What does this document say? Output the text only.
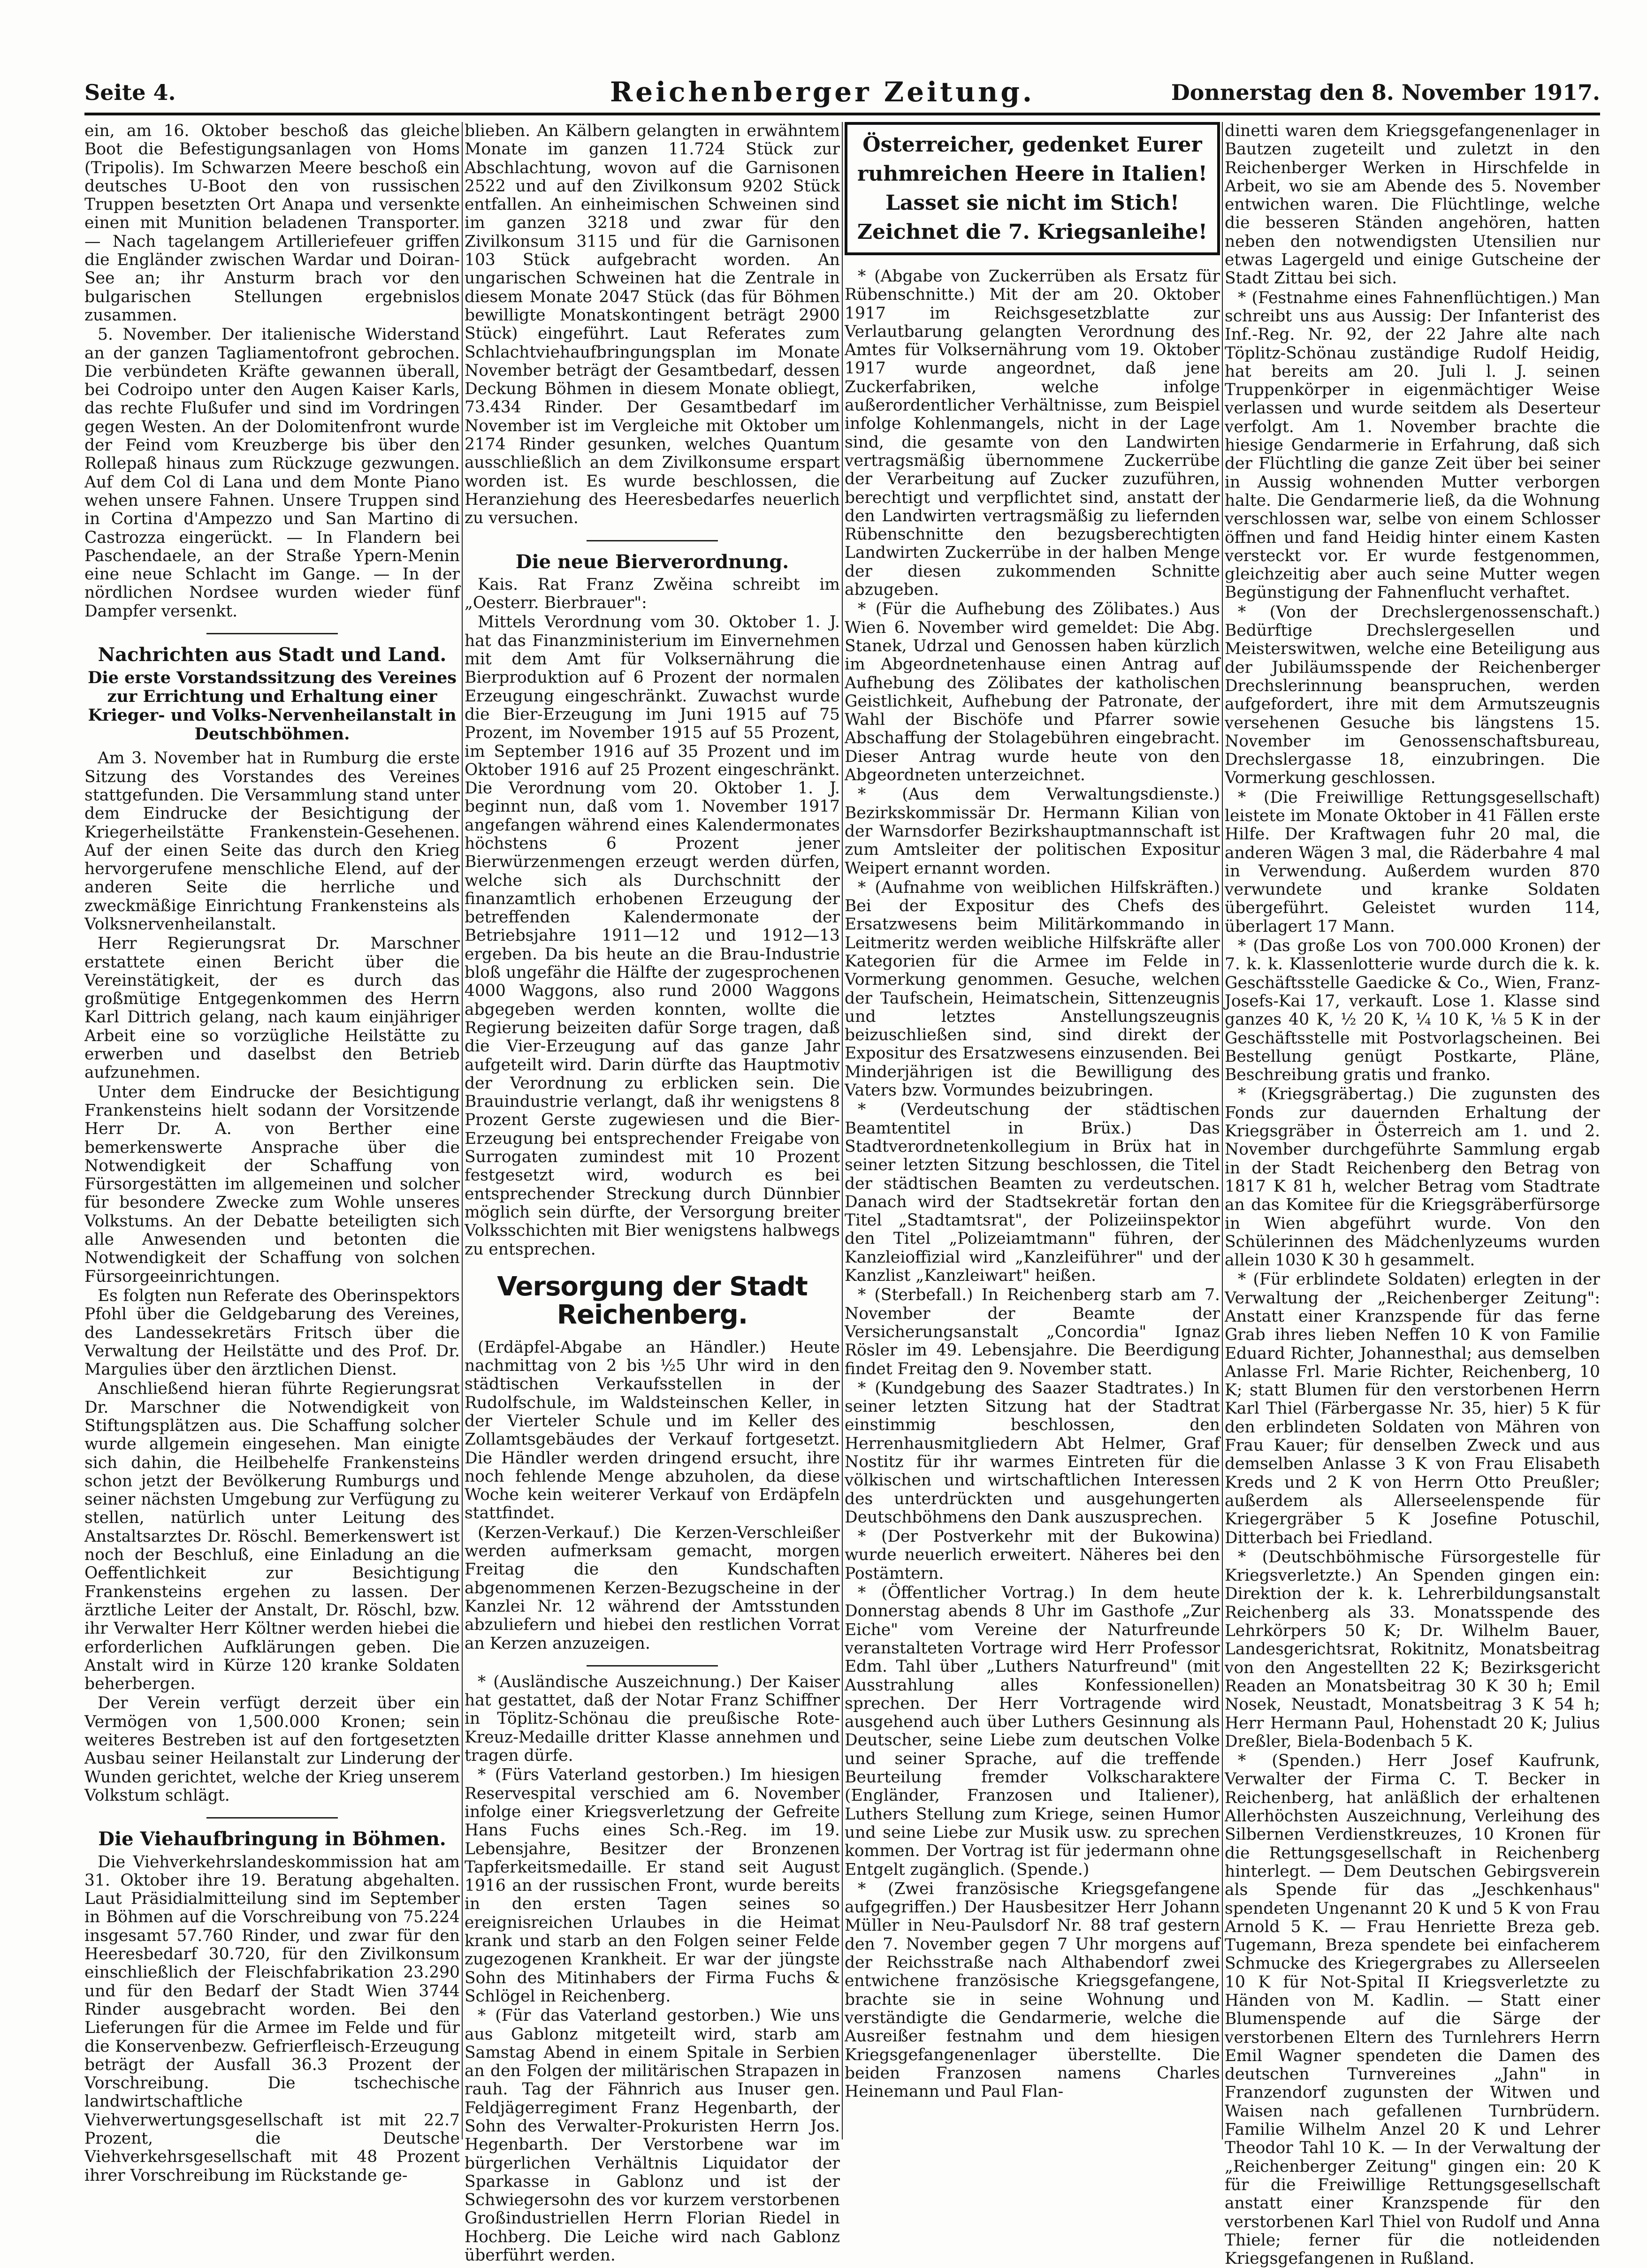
Seite 4.	Reichenberger Zeitung.	Donnerstag den 8. November 1917.

ein, am 16. Oktober beschoß das gleiche Boot die Befestigungsanlagen von Homs (Tripolis). Im Schwarzen Meere beschoß ein deutsches U-Boot den von russischen Truppen besetzten Ort Anapa und versenkte einen mit Munition beladenen Transporter. — Nach tagelangem Artilleriefeuer griffen die Engländer zwischen Wardar und Doiran-See an; ihr Ansturm brach vor den bulgarischen Stellungen ergebnislos zusammen.

5. November. Der italienische Widerstand an der ganzen Tagliamentofront gebrochen. Die verbündeten Kräfte gewannen überall, bei Codroipo unter den Augen Kaiser Karls, das rechte Flußufer und sind im Vordringen gegen Westen. An der Dolomitenfront wurde der Feind vom Kreuzberge bis über den Rollepaß hinaus zum Rückzuge gezwungen. Auf dem Col di Lana und dem Monte Piano wehen unsere Fahnen. Unsere Truppen sind in Cortina d'Ampezzo und San Martino di Castrozza eingerückt. — In Flandern bei Paschendaele, an der Straße Ypern-Menin eine neue Schlacht im Gange. — In der nördlichen Nordsee wurden wieder fünf Dampfer versenkt.

Nachrichten aus Stadt und Land.
Die erste Vorstandssitzung des Vereines zur Errichtung und Erhaltung einer Krieger- und Volks-Nervenheilanstalt in Deutschböhmen.

Am 3. November hat in Rumburg die erste Sitzung des Vorstandes des Vereines stattgefunden. Die Versammlung stand unter dem Eindrucke der Besichtigung der Kriegerheilstätte Frankenstein-Gesehenen. Auf der einen Seite das durch den Krieg hervorgerufene menschliche Elend, auf der anderen Seite die herrliche und zweckmäßige Einrichtung Frankensteins als Volksnervenheilanstalt.

Herr Regierungsrat Dr. Marschner erstattete einen Bericht über die Vereinstätigkeit, der es durch das großmütige Entgegenkommen des Herrn Karl Dittrich gelang, nach kaum einjähriger Arbeit eine so vorzügliche Heilstätte zu erwerben und daselbst den Betrieb aufzunehmen.

Unter dem Eindrucke der Besichtigung Frankensteins hielt sodann der Vorsitzende Herr Dr. A. von Berther eine bemerkenswerte Ansprache über die Notwendigkeit der Schaffung von Fürsorgestätten im allgemeinen und solcher für besondere Zwecke zum Wohle unseres Volkstums. An der Debatte beteiligten sich alle Anwesenden und betonten die Notwendigkeit der Schaffung von solchen Fürsorgeeinrichtungen.

Es folgten nun Referate des Oberinspektors Pfohl über die Geldgebarung des Vereines, des Landessekretärs Fritsch über die Verwaltung der Heilstätte und des Prof. Dr. Margulies über den ärztlichen Dienst.

Anschließend hieran führte Regierungsrat Dr. Marschner die Notwendigkeit von Stiftungsplätzen aus. Die Schaffung solcher wurde allgemein eingesehen. Man einigte sich dahin, die Heilbehelfe Frankensteins schon jetzt der Bevölkerung Rumburgs und seiner nächsten Umgebung zur Verfügung zu stellen, natürlich unter Leitung des Anstaltsarztes Dr. Röschl. Bemerkenswert ist noch der Beschluß, eine Einladung an die Oeffentlichkeit zur Besichtigung Frankensteins ergehen zu lassen. Der ärztliche Leiter der Anstalt, Dr. Röschl, bzw. ihr Verwalter Herr Költner werden hiebei die erforderlichen Aufklärungen geben. Die Anstalt wird in Kürze 120 kranke Soldaten beherbergen.

Der Verein verfügt derzeit über ein Vermögen von 1,500.000 Kronen; sein weiteres Bestreben ist auf den fortgesetzten Ausbau seiner Heilanstalt zur Linderung der Wunden gerichtet, welche der Krieg unserem Volkstum schlägt.

Die Viehaufbringung in Böhmen.

Die Viehverkehrslandeskommission hat am 31. Oktober ihre 19. Beratung abgehalten. Laut Präsidialmitteilung sind im September in Böhmen auf die Vorschreibung von 75.224 insgesamt 57.760 Rinder, und zwar für den Heeresbedarf 30.720, für den Zivilkonsum einschließlich der Fleischfabrikation 23.290 und für den Bedarf der Stadt Wien 3744 Rinder ausgebracht worden. Bei den Lieferungen für die Armee im Felde und für die Konservenbezw. Gefrierfleisch-Erzeugung beträgt der Ausfall 36.3 Prozent der Vorschreibung. Die tschechische landwirtschaftliche Viehverwertungsgesellschaft ist mit 22.7 Prozent, die Deutsche Viehverkehrsgesellschaft mit 48 Prozent ihrer Vorschreibung im Rückstande ge-

blieben. An Kälbern gelangten in erwähntem Monate im ganzen 11.724 Stück zur Abschlachtung, wovon auf die Garnisonen 2522 und auf den Zivilkonsum 9202 Stück entfallen. An einheimischen Schweinen sind im ganzen 3218 und zwar für den Zivilkonsum 3115 und für die Garnisonen 103 Stück aufgebracht worden. An ungarischen Schweinen hat die Zentrale in diesem Monate 2047 Stück (das für Böhmen bewilligte Monatskontingent beträgt 2900 Stück) eingeführt. Laut Referates zum Schlachtviehaufbringungsplan im Monate November beträgt der Gesamtbedarf, dessen Deckung Böhmen in diesem Monate obliegt, 73.434 Rinder. Der Gesamtbedarf im November ist im Vergleiche mit Oktober um 2174 Rinder gesunken, welches Quantum ausschließlich an dem Zivilkonsume erspart worden ist. Es wurde beschlossen, die Heranziehung des Heeresbedarfes neuerlich zu versuchen.

Die neue Bierverordnung.

Kais. Rat Franz Zwěina schreibt im „Oesterr. Bierbrauer":

Mittels Verordnung vom 30. Oktober 1. J. hat das Finanzministerium im Einvernehmen mit dem Amt für Volksernährung die Bierproduktion auf 6 Prozent der normalen Erzeugung eingeschränkt. Zuwachst wurde die Bier-Erzeugung im Juni 1915 auf 75 Prozent, im November 1915 auf 55 Prozent, im September 1916 auf 35 Prozent und im Oktober 1916 auf 25 Prozent eingeschränkt. Die Verordnung vom 20. Oktober 1. J. beginnt nun, daß vom 1. November 1917 angefangen während eines Kalendermonates höchstens 6 Prozent jener Bierwürzenmengen erzeugt werden dürfen, welche sich als Durchschnitt der finanzamtlich erhobenen Erzeugung der betreffenden Kalendermonate der Betriebsjahre 1911—12 und 1912—13 ergeben. Da bis heute an die Brau-Industrie bloß ungefähr die Hälfte der zugesprochenen 4000 Waggons, also rund 2000 Waggons abgegeben werden konnten, wollte die Regierung beizeiten dafür Sorge tragen, daß die Vier-Erzeugung auf das ganze Jahr aufgeteilt wird. Darin dürfte das Hauptmotiv der Verordnung zu erblicken sein. Die Brauindustrie verlangt, daß ihr wenigstens 8 Prozent Gerste zugewiesen und die Bier-Erzeugung bei entsprechender Freigabe von Surrogaten zumindest mit 10 Prozent festgesetzt wird, wodurch es bei entsprechender Streckung durch Dünnbier möglich sein dürfte, der Versorgung breiter Volksschichten mit Bier wenigstens halbwegs zu entsprechen.

Versorgung der Stadt Reichenberg.

(Erdäpfel-Abgabe an Händler.) Heute nachmittag von 2 bis ½5 Uhr wird in den städtischen Verkaufsstellen in der Rudolfschule, im Waldsteinschen Keller, in der Vierteler Schule und im Keller des Zollamtsgebäudes der Verkauf fortgesetzt. Die Händler werden dringend ersucht, ihre noch fehlende Menge abzuholen, da diese Woche kein weiterer Verkauf von Erdäpfeln stattfindet.

(Kerzen-Verkauf.) Die Kerzen-Verschleißer werden aufmerksam gemacht, morgen Freitag die den Kundschaften abgenommenen Kerzen-Bezugscheine in der Kanzlei Nr. 12 während der Amtsstunden abzuliefern und hiebei den restlichen Vorrat an Kerzen anzuzeigen.

* (Ausländische Auszeichnung.) Der Kaiser hat gestattet, daß der Notar Franz Schiffner in Töplitz-Schönau die preußische Rote-Kreuz-Medaille dritter Klasse annehmen und tragen dürfe.

* (Fürs Vaterland gestorben.) Im hiesigen Reservespital verschied am 6. November infolge einer Kriegsverletzung der Gefreite Hans Fuchs eines Sch.-Reg. im 19. Lebensjahre, Besitzer der Bronzenen Tapferkeitsmedaille. Er stand seit August 1916 an der russischen Front, wurde bereits in den ersten Tagen seines so ereignisreichen Urlaubes in die Heimat krank und starb an den Folgen seiner Felde zugezogenen Krankheit. Er war der jüngste Sohn des Mitinhabers der Firma Fuchs & Schlögel in Reichenberg.

* (Für das Vaterland gestorben.) Wie uns aus Gablonz mitgeteilt wird, starb am Samstag Abend in einem Spitale in Serbien an den Folgen der militärischen Strapazen in rauh. Tag der Fähnrich aus Inuser gen. Feldjägerregiment Franz Hegenbarth, der Sohn des Verwalter-Prokuristen Herrn Jos. Hegenbarth. Der Verstorbene war im bürgerlichen Verhältnis Liquidator der Sparkasse in Gablonz und ist der Schwiegersohn des vor kurzem verstorbenen Großindustriellen Herrn Florian Riedel in Hochberg. Die Leiche wird nach Gablonz überführt werden.

Österreicher, gedenket Eurer ruhmreichen Heere in Italien!
Lasset sie nicht im Stich!
Zeichnet die 7. Kriegsanleihe!

* (Abgabe von Zuckerrüben als Ersatz für Rübenschnitte.) Mit der am 20. Oktober 1917 im Reichsgesetzblatte zur Verlautbarung gelangten Verordnung des Amtes für Volksernährung vom 19. Oktober 1917 wurde angeordnet, daß jene Zuckerfabriken, welche infolge außerordentlicher Verhältnisse, zum Beispiel infolge Kohlenmangels, nicht in der Lage sind, die gesamte von den Landwirten vertragsmäßig übernommene Zuckerrübe der Verarbeitung auf Zucker zuzuführen, berechtigt und verpflichtet sind, anstatt der den Landwirten vertragsmäßig zu liefernden Rübenschnitte den bezugsberechtigten Landwirten Zuckerrübe in der halben Menge der diesen zukommenden Schnitte abzugeben.

* (Für die Aufhebung des Zölibates.) Aus Wien 6. November wird gemeldet: Die Abg. Stanek, Udrzal und Genossen haben kürzlich im Abgeordnetenhause einen Antrag auf Aufhebung des Zölibates der katholischen Geistlichkeit, Aufhebung der Patronate, der Wahl der Bischöfe und Pfarrer sowie Abschaffung der Stolagebühren eingebracht. Dieser Antrag wurde heute von den Abgeordneten unterzeichnet.

* (Aus dem Verwaltungsdienste.) Bezirkskommissär Dr. Hermann Kilian von der Warnsdorfer Bezirkshauptmannschaft ist zum Amtsleiter der politischen Expositur Weipert ernannt worden.

* (Aufnahme von weiblichen Hilfskräften.) Bei der Expositur des Chefs des Ersatzwesens beim Militärkommando in Leitmeritz werden weibliche Hilfskräfte aller Kategorien für die Armee im Felde in Vormerkung genommen. Gesuche, welchen der Taufschein, Heimatschein, Sittenzeugnis und letztes Anstellungszeugnis beizuschließen sind, sind direkt der Expositur des Ersatzwesens einzusenden. Bei Minderjährigen ist die Bewilligung des Vaters bzw. Vormundes beizubringen.

* (Verdeutschung der städtischen Beamtentitel in Brüx.) Das Stadtverordnetenkollegium in Brüx hat in seiner letzten Sitzung beschlossen, die Titel der städtischen Beamten zu verdeutschen. Danach wird der Stadtsekretär fortan den Titel „Stadtamtsrat", der Polizeiinspektor den Titel „Polizeiamtmann" führen, der Kanzleioffizial wird „Kanzleiführer" und der Kanzlist „Kanzleiwart" heißen.

* (Sterbefall.) In Reichenberg starb am 7. November der Beamte der Versicherungsanstalt „Concordia" Ignaz Rösler im 49. Lebensjahre. Die Beerdigung findet Freitag den 9. November statt.

* (Kundgebung des Saazer Stadtrates.) In seiner letzten Sitzung hat der Stadtrat einstimmig beschlossen, den Herrenhausmitgliedern Abt Helmer, Graf Nostitz für ihr warmes Eintreten für die völkischen und wirtschaftlichen Interessen des unterdrückten und ausgehungerten Deutschböhmens den Dank auszusprechen.

* (Der Postverkehr mit der Bukowina) wurde neuerlich erweitert. Näheres bei den Postämtern.

* (Öffentlicher Vortrag.) In dem heute Donnerstag abends 8 Uhr im Gasthofe „Zur Eiche" vom Vereine der Naturfreunde veranstalteten Vortrage wird Herr Professor Edm. Tahl über „Luthers Naturfreund" (mit Ausstrahlung alles Konfessionellen) sprechen. Der Herr Vortragende wird ausgehend auch über Luthers Gesinnung als Deutscher, seine Liebe zum deutschen Volke und seiner Sprache, auf die treffende Beurteilung fremder Volkscharaktere (Engländer, Franzosen und Italiener), Luthers Stellung zum Kriege, seinen Humor und seine Liebe zur Musik usw. zu sprechen kommen. Der Vortrag ist für jedermann ohne Entgelt zugänglich. (Spende.)

* (Zwei französische Kriegsgefangene aufgegriffen.) Der Hausbesitzer Herr Johann Müller in Neu-Paulsdorf Nr. 88 traf gestern den 7. November gegen 7 Uhr morgens auf der Reichsstraße nach Althabendorf zwei entwichene französische Kriegsgefangene, brachte sie in seine Wohnung und verständigte die Gendarmerie, welche die Ausreißer festnahm und dem hiesigen Kriegsgefangenenlager überstellte. Die beiden Franzosen namens Charles Heinemann und Paul Flan-

dinetti waren dem Kriegsgefangenenlager in Bautzen zugeteilt und zuletzt in den Reichenberger Werken in Hirschfelde in Arbeit, wo sie am Abende des 5. November entwichen waren. Die Flüchtlinge, welche die besseren Ständen angehören, hatten neben den notwendigsten Utensilien nur etwas Lagergeld und einige Gutscheine der Stadt Zittau bei sich.

* (Festnahme eines Fahnenflüchtigen.) Man schreibt uns aus Aussig: Der Infanterist des Inf.-Reg. Nr. 92, der 22 Jahre alte nach Töplitz-Schönau zuständige Rudolf Heidig, hat bereits am 20. Juli l. J. seinen Truppenkörper in eigenmächtiger Weise verlassen und wurde seitdem als Deserteur verfolgt. Am 1. November brachte die hiesige Gendarmerie in Erfahrung, daß sich der Flüchtling die ganze Zeit über bei seiner in Aussig wohnenden Mutter verborgen halte. Die Gendarmerie ließ, da die Wohnung verschlossen war, selbe von einem Schlosser öffnen und fand Heidig hinter einem Kasten versteckt vor. Er wurde festgenommen, gleichzeitig aber auch seine Mutter wegen Begünstigung der Fahnenflucht verhaftet.

* (Von der Drechslergenossenschaft.) Bedürftige Drechslergesellen und Meisterswitwen, welche eine Beteiligung aus der Jubiläumsspende der Reichenberger Drechslerinnung beanspruchen, werden aufgefordert, ihre mit dem Armutszeugnis versehenen Gesuche bis längstens 15. November im Genossenschaftsbureau, Drechslergasse 18, einzubringen. Die Vormerkung geschlossen.

* (Die Freiwillige Rettungsgesellschaft) leistete im Monate Oktober in 41 Fällen erste Hilfe. Der Kraftwagen fuhr 20 mal, die anderen Wägen 3 mal, die Räderbahre 4 mal in Verwendung. Außerdem wurden 870 verwundete und kranke Soldaten übergeführt. Geleistet wurden 114, überlagert 17 Mann.

* (Das große Los von 700.000 Kronen) der 7. k. k. Klassenlotterie wurde durch die k. k. Geschäftsstelle Gaedicke & Co., Wien, Franz-Josefs-Kai 17, verkauft. Lose 1. Klasse sind ganzes 40 K, ½ 20 K, ¼ 10 K, ⅛ 5 K in der Geschäftsstelle mit Postvorlagscheinen. Bei Bestellung genügt Postkarte, Pläne, Beschreibung gratis und franko.

* (Kriegsgräbertag.) Die zugunsten des Fonds zur dauernden Erhaltung der Kriegsgräber in Österreich am 1. und 2. November durchgeführte Sammlung ergab in der Stadt Reichenberg den Betrag von 1817 K 81 h, welcher Betrag vom Stadtrate an das Komitee für die Kriegsgräberfürsorge in Wien abgeführt wurde. Von den Schülerinnen des Mädchenlyzeums wurden allein 1030 K 30 h gesammelt.

* (Für erblindete Soldaten) erlegten in der Verwaltung der „Reichenberger Zeitung": Anstatt einer Kranzspende für das ferne Grab ihres lieben Neffen 10 K von Familie Eduard Richter, Johannesthal; aus demselben Anlasse Frl. Marie Richter, Reichenberg, 10 K; statt Blumen für den verstorbenen Herrn Karl Thiel (Färbergasse Nr. 35, hier) 5 K für den erblindeten Soldaten von Mähren von Frau Kauer; für denselben Zweck und aus demselben Anlasse 3 K von Frau Elisabeth Kreds und 2 K von Herrn Otto Preußler; außerdem als Allerseelenspende für Kriegergräber 5 K Josefine Potuschil, Ditterbach bei Friedland.

* (Deutschböhmische Fürsorgestelle für Kriegsverletzte.) An Spenden gingen ein: Direktion der k. k. Lehrerbildungsanstalt Reichenberg als 33. Monatsspende des Lehrkörpers 50 K; Dr. Wilhelm Bauer, Landesgerichtsrat, Rokitnitz, Monatsbeitrag von den Angestellten 22 K; Bezirksgericht Readen an Monatsbeitrag 30 K 30 h; Emil Nosek, Neustadt, Monatsbeitrag 3 K 54 h; Herr Hermann Paul, Hohenstadt 20 K; Julius Dreßler, Biela-Bodenbach 5 K.

* (Spenden.) Herr Josef Kaufrunk, Verwalter der Firma C. T. Becker in Reichenberg, hat anläßlich der erhaltenen Allerhöchsten Auszeichnung, Verleihung des Silbernen Verdienstkreuzes, 10 Kronen für die Rettungsgesellschaft in Reichenberg hinterlegt. — Dem Deutschen Gebirgsverein als Spende für das „Jeschkenhaus" spendeten Ungenannt 20 K und 5 K von Frau Arnold 5 K. — Frau Henriette Breza geb. Tugemann, Breza spendete bei einfacherem Schmucke des Kriegergrabes zu Allerseelen 10 K für Not-Spital II Kriegsverletzte zu Händen von M. Kadlin. — Statt einer Blumenspende auf die Särge der verstorbenen Eltern des Turnlehrers Herrn Emil Wagner spendeten die Damen des deutschen Turnvereines „Jahn" in Franzendorf zugunsten der Witwen und Waisen nach gefallenen Turnbrüdern. Familie Wilhelm Anzel 20 K und Lehrer Theodor Tahl 10 K. — In der Verwaltung der „Reichenberger Zeitung" gingen ein: 20 K für die Freiwillige Rettungsgesellschaft anstatt einer Kranzspende für den verstorbenen Karl Thiel von Rudolf und Anna Thiele; ferner für die notleidenden Kriegsgefangenen in Rußland.
